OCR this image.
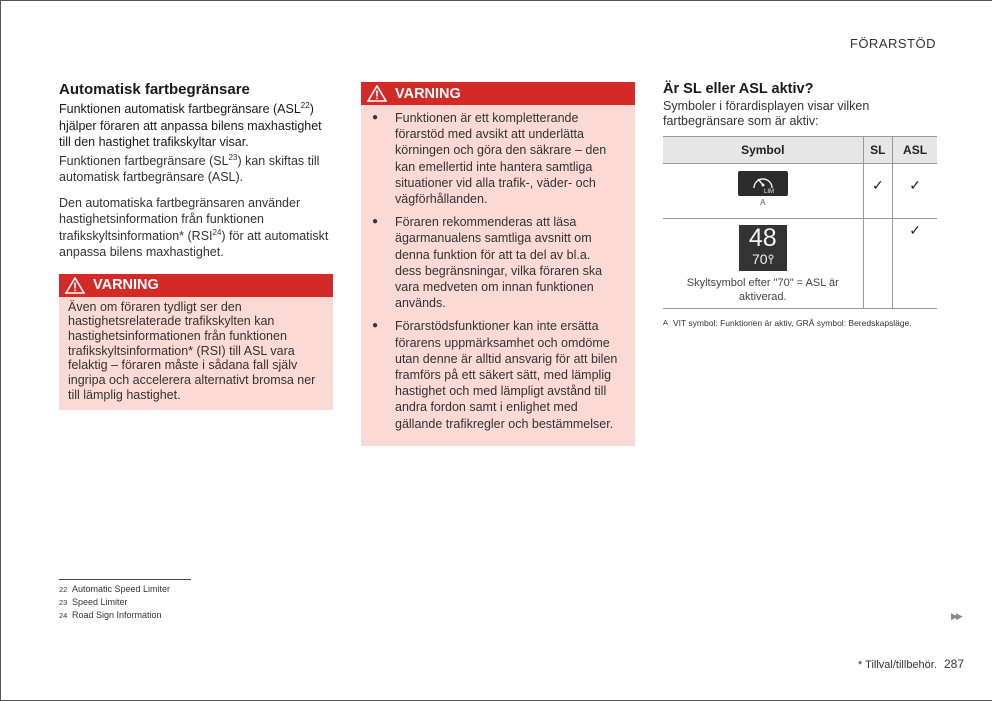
FÖRARSTÖD
Automatisk fartbegränsare

Funktionen automatisk fartbegränsare (ASL$^{22}$) hjälper föraren att anpassa bilens maxhastighet till den hastighet trafikskyltar visar.

Funktionen fartbegränsare (SL$^{23}$) kan skiftas till automatisk fartbegränsare (ASL).

Den automatiska fartbegränsaren använder hastighetsinformation från funktionen trafikskyltsinformation* (RSI$^{24}$) för att automatiskt anpassa bilens maxhastighet.

VARNING
Även om föraren tydligt ser den hastighetsrelaterade trafikskylten kan hastighetsinformationen från funktionen trafikskyltsinformation* (RSI) till ASL vara felaktig – föraren måste i sådana fall själv ingripa och accelerera alternativt bromsa ner till lämplig hastighet.
VARNING
● Funktionen är ett kompletterande förarstöd med avsikt att underlätta körningen och göra den säkrare – den kan emellertid inte hantera samtliga situationer vid alla trafik-, väder- och vägförhållanden.
● Föraren rekommenderas att läsa ägarmanualens samtliga avsnitt om denna funktion för att ta del av bl.a. dess begränsningar, vilka föraren ska vara medveten om innan funktionen används.
● Förarstödsfunktioner kan inte ersätta förarens uppmärksamhet och omdöme utan denne är alltid ansvarig för att bilen framförs på ett säkert sätt, med lämplig hastighet och med lämpligt avstånd till andra fordon samt i enlighet med gällande trafikregler och bestämmelser.
Är SL eller ASL aktiv?

Symboler i förardisplayen visar vilken fartbegränsare som är aktiv:

Symbol	SL	ASL

LIM
A	✓	✓

48
70
Skyltsymbol efter "70" = ASL är aktiverad.		✓
A VIT symbol: Funktionen är aktiv, GRÅ symbol: Beredskapsläge.
22 Automatic Speed Limiter
23 Speed Limiter
24 Road Sign Information	▶▶
* Tillval/tillbehör. 287
